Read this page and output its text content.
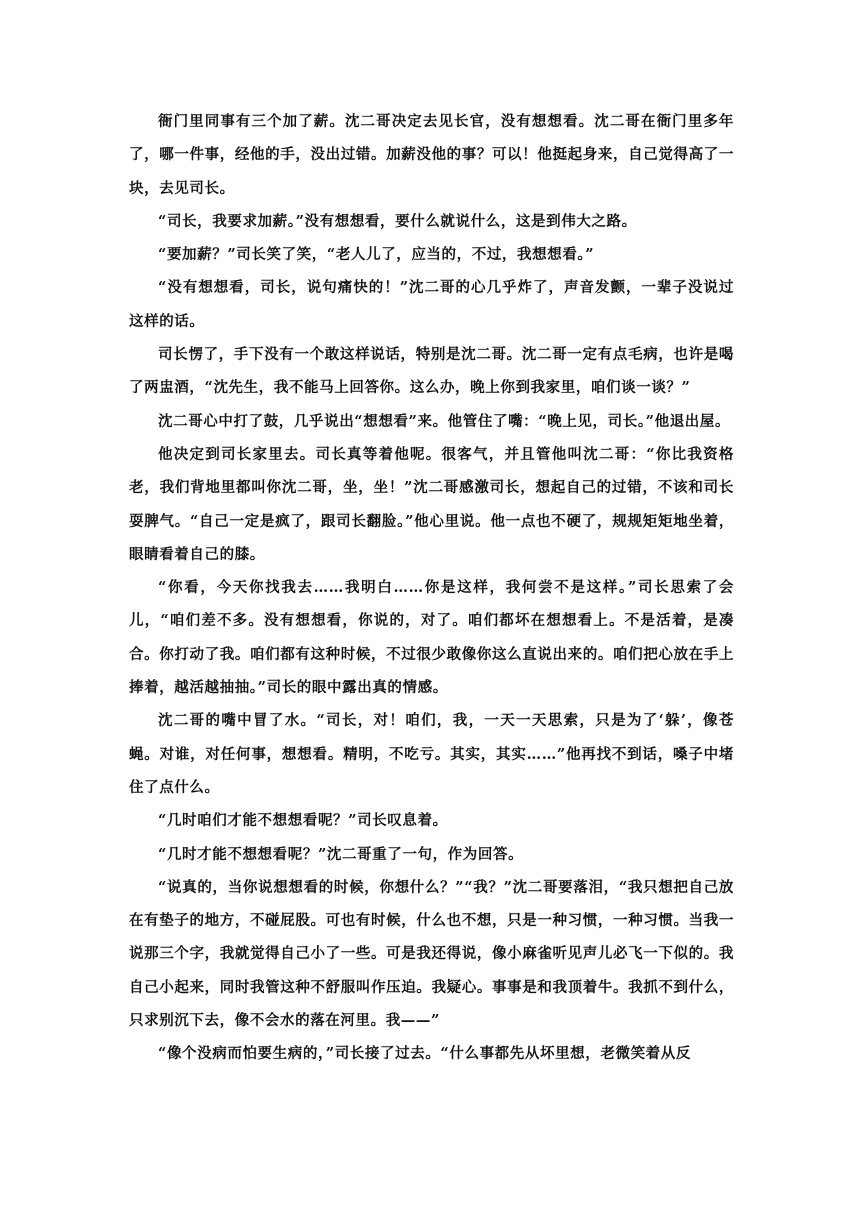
衙门里同事有三个加了薪。沈二哥决定去见长官，没有想想看。沈二哥在衙门里多年了，哪一件事，经他的手，没出过错。加薪没他的事？可以！他挺起身来，自己觉得高了一块，去见司长。

“司长，我要求加薪。”没有想想看，要什么就说什么，这是到伟大之路。

“要加薪？”司长笑了笑，“老人儿了，应当的，不过，我想想看。”

“没有想想看，司长，说句痛快的！”沈二哥的心几乎炸了，声音发颤，一辈子没说过这样的话。

司长愣了，手下没有一个敢这样说话，特别是沈二哥。沈二哥一定有点毛病，也许是喝了两盅酒，“沈先生，我不能马上回答你。这么办，晚上你到我家里，咱们谈一谈？”

沈二哥心中打了鼓，几乎说出“想想看”来。他管住了嘴：“晚上见，司长。”他退出屋。

他决定到司长家里去。司长真等着他呢。很客气，并且管他叫沈二哥：“你比我资格老，我们背地里都叫你沈二哥，坐，坐！”沈二哥感激司长，想起自己的过错，不该和司长耍脾气。“自己一定是疯了，跟司长翻脸。”他心里说。他一点也不硬了，规规矩矩地坐着，眼睛看着自己的膝。

“你看，今天你找我去……我明白……你是这样，我何尝不是这样。”司长思索了会儿，“咱们差不多。没有想想看，你说的，对了。咱们都坏在想想看上。不是活着，是凑合。你打动了我。咱们都有这种时候，不过很少敢像你这么直说出来的。咱们把心放在手上捧着，越活越抽抽。”司长的眼中露出真的情感。

沈二哥的嘴中冒了水。“司长，对！咱们，我，一天一天思索，只是为了‘躲’，像苍蝇。对谁，对任何事，想想看。精明，不吃亏。其实，其实……”他再找不到话，嗓子中堵住了点什么。

“几时咱们才能不想想看呢？”司长叹息着。

“几时才能不想想看呢？”沈二哥重了一句，作为回答。

“说真的，当你说想想看的时候，你想什么？”“我？”沈二哥要落泪，“我只想把自己放在有垫子的地方，不碰屁股。可也有时候，什么也不想，只是一种习惯，一种习惯。当我一说那三个字，我就觉得自己小了一些。可是我还得说，像小麻雀听见声儿必飞一下似的。我自己小起来，同时我管这种不舒服叫作压迫。我疑心。事事是和我顶着牛。我抓不到什么，只求别沉下去，像不会水的落在河里。我——”

“像个没病而怕要生病的，”司长接了过去。“什么事都先从坏里想，老微笑着从反
